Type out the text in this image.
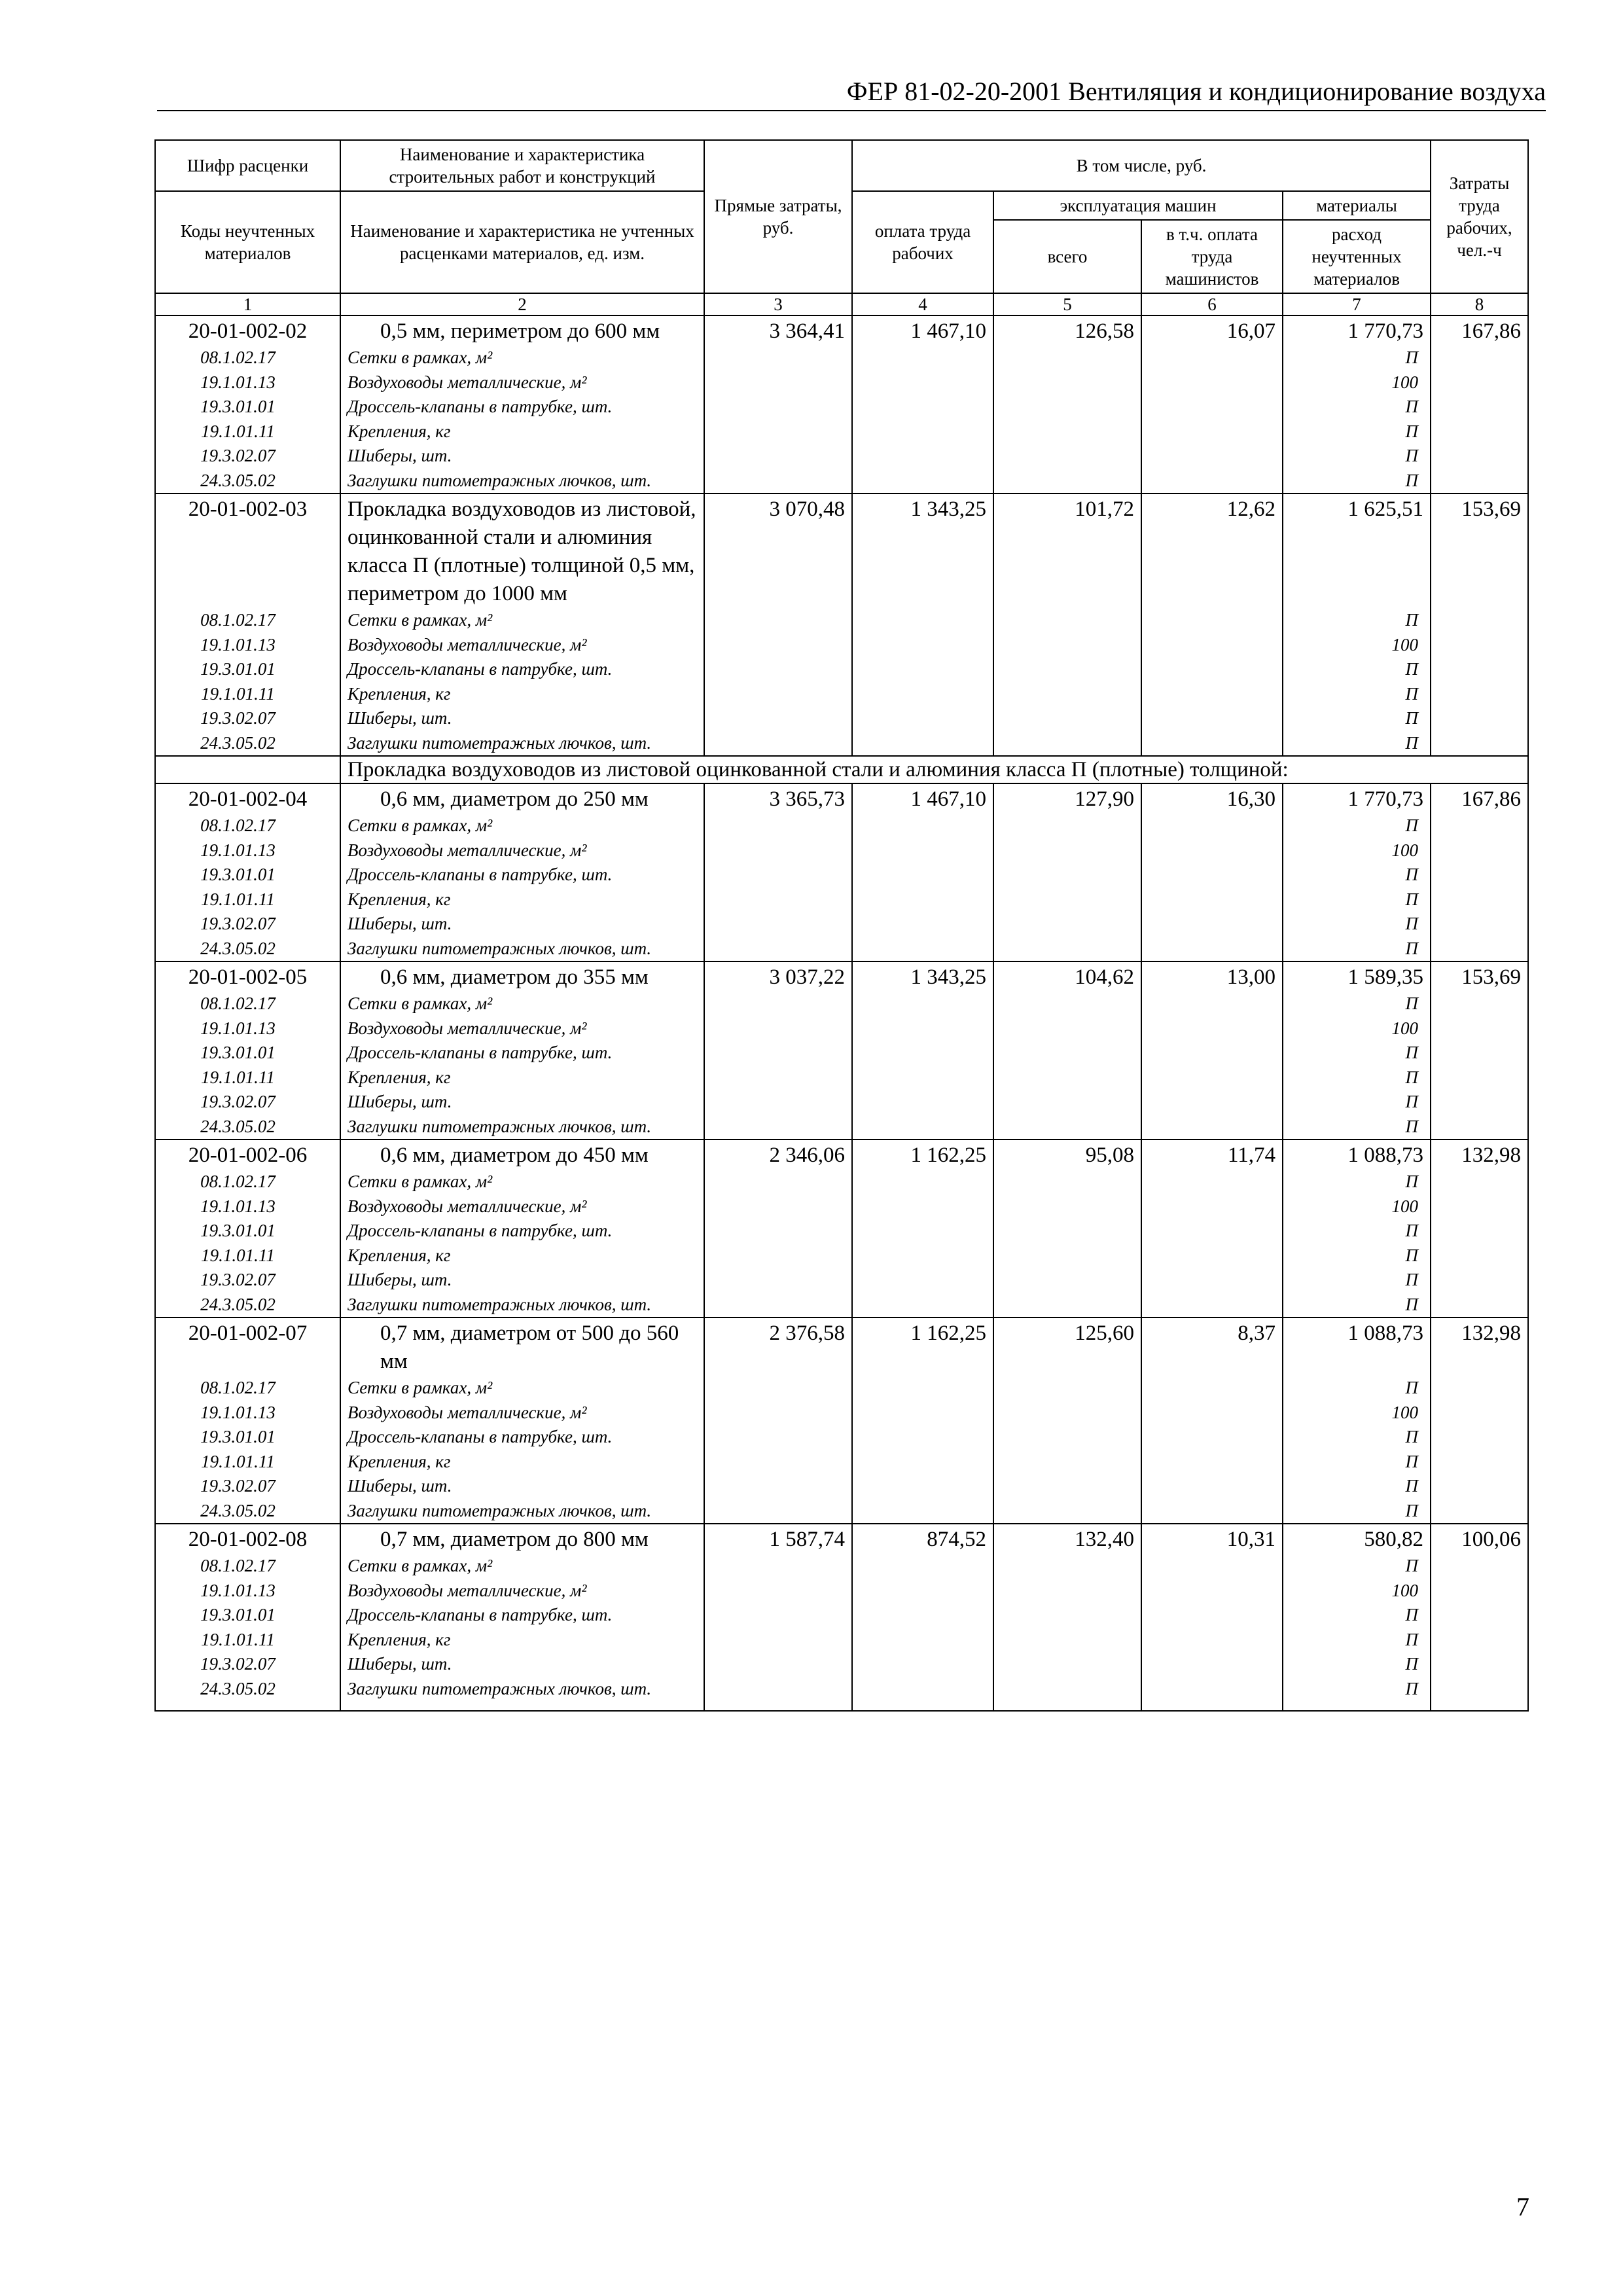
ФЕР 81-02-20-2001 Вентиляция и кондиционирование воздуха
Шифр расценки	Наименование и характеристика строительных работ и конструкций	Прямые затраты, руб.	В том числе, руб.				Затраты труда рабочих, чел.-ч
Коды неучтенных материалов	Наименование и характеристика не учтенных расценками материалов, ед. изм.		оплата труда рабочих	эксплуатация машин		материалы	
				всего	в т.ч. оплата труда машинистов	расход неучтенных материалов	
1	2	3	4	5	6	7	8
20-01-002-02	0,5 мм, периметром до 600 мм	3 364,41	1 467,10	126,58	16,07	1 770,73	167,86
08.1.02.17	Сетки в рамках, м²					П	
19.1.01.13	Воздуховоды металлические, м²					100	
19.3.01.01	Дроссель-клапаны в патрубке, шт.					П	
19.1.01.11	Крепления, кг					П	
19.3.02.07	Шиберы, шт.					П	
24.3.05.02	Заглушки питометражных лючков, шт.					П	
20-01-002-03	Прокладка воздуховодов из листовой, оцинкованной стали и алюминия класса П (плотные) толщиной 0,5 мм, периметром до 1000 мм	3 070,48	1 343,25	101,72	12,62	1 625,51	153,69
08.1.02.17	Сетки в рамках, м²					П	
19.1.01.13	Воздуховоды металлические, м²					100	
19.3.01.01	Дроссель-клапаны в патрубке, шт.					П	
19.1.01.11	Крепления, кг					П	
19.3.02.07	Шиберы, шт.					П	
24.3.05.02	Заглушки питометражных лючков, шт.					П	
	Прокладка воздуховодов из листовой оцинкованной стали и алюминия класса П (плотные) толщиной:						
20-01-002-04	0,6 мм, диаметром до 250 мм	3 365,73	1 467,10	127,90	16,30	1 770,73	167,86
08.1.02.17	Сетки в рамках, м²					П	
19.1.01.13	Воздуховоды металлические, м²					100	
19.3.01.01	Дроссель-клапаны в патрубке, шт.					П	
19.1.01.11	Крепления, кг					П	
19.3.02.07	Шиберы, шт.					П	
24.3.05.02	Заглушки питометражных лючков, шт.					П	
20-01-002-05	0,6 мм, диаметром до 355 мм	3 037,22	1 343,25	104,62	13,00	1 589,35	153,69
08.1.02.17	Сетки в рамках, м²					П	
19.1.01.13	Воздуховоды металлические, м²					100	
19.3.01.01	Дроссель-клапаны в патрубке, шт.					П	
19.1.01.11	Крепления, кг					П	
19.3.02.07	Шиберы, шт.					П	
24.3.05.02	Заглушки питометражных лючков, шт.					П	
20-01-002-06	0,6 мм, диаметром до 450 мм	2 346,06	1 162,25	95,08	11,74	1 088,73	132,98
08.1.02.17	Сетки в рамках, м²					П	
19.1.01.13	Воздуховоды металлические, м²					100	
19.3.01.01	Дроссель-клапаны в патрубке, шт.					П	
19.1.01.11	Крепления, кг					П	
19.3.02.07	Шиберы, шт.					П	
24.3.05.02	Заглушки питометражных лючков, шт.					П	
20-01-002-07	0,7 мм, диаметром от 500 до 560 мм	2 376,58	1 162,25	125,60	8,37	1 088,73	132,98
08.1.02.17	Сетки в рамках, м²					П	
19.1.01.13	Воздуховоды металлические, м²					100	
19.3.01.01	Дроссель-клапаны в патрубке, шт.					П	
19.1.01.11	Крепления, кг					П	
19.3.02.07	Шиберы, шт.					П	
24.3.05.02	Заглушки питометражных лючков, шт.					П	
20-01-002-08	0,7 мм, диаметром до 800 мм	1 587,74	874,52	132,40	10,31	580,82	100,06
08.1.02.17	Сетки в рамках, м²					П	
19.1.01.13	Воздуховоды металлические, м²					100	
19.3.01.01	Дроссель-клапаны в патрубке, шт.					П	
19.1.01.11	Крепления, кг					П	
19.3.02.07	Шиберы, шт.					П	
24.3.05.02	Заглушки питометражных лючков, шт.					П	

7
